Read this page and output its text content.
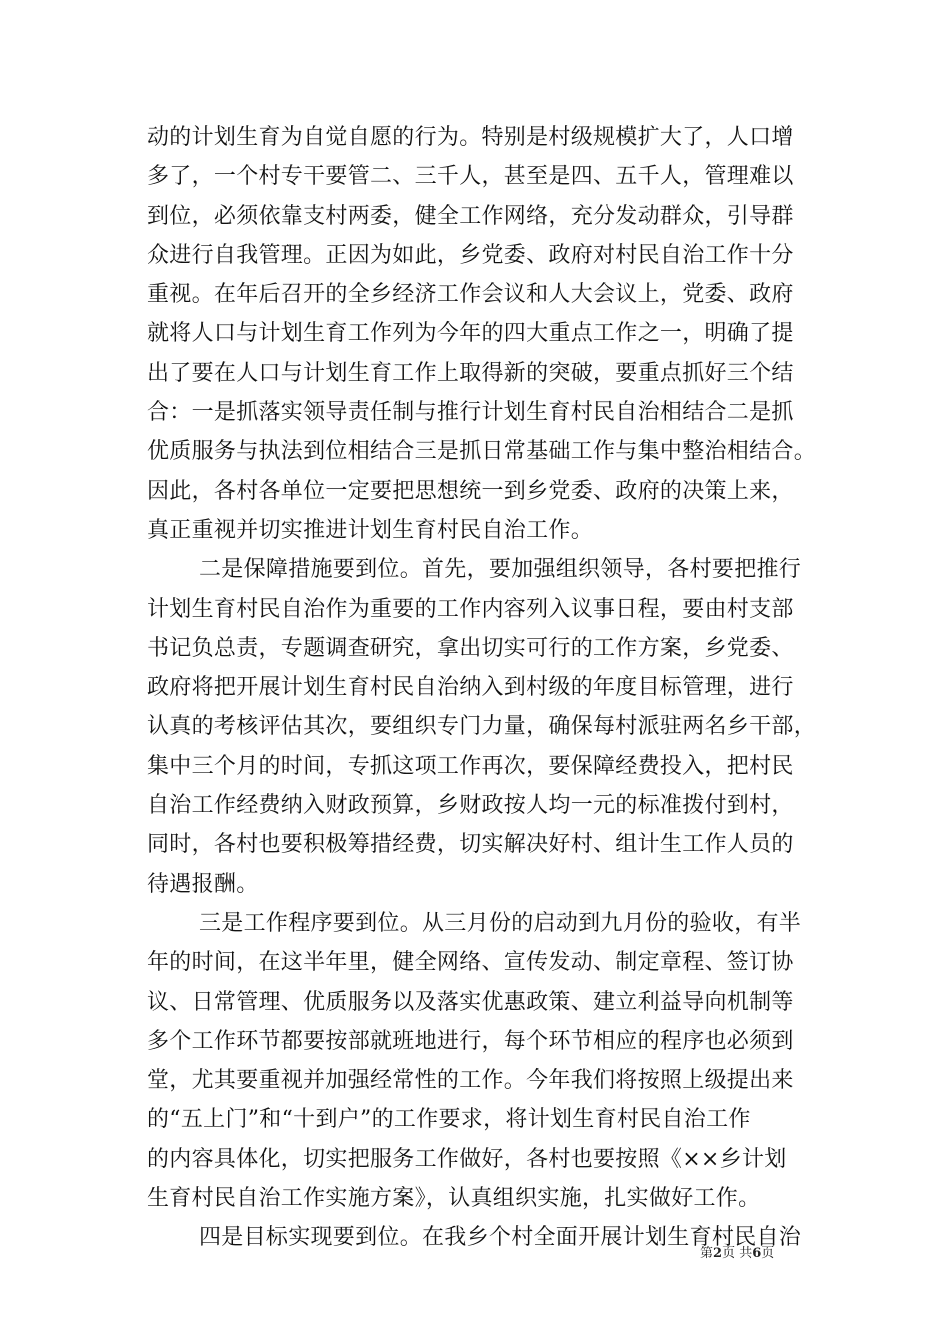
动的计划生育为自觉自愿的行为。特别是村级规模扩大了，人口增
多了，一个村专干要管二、三千人，甚至是四、五千人，管理难以
到位，必须依靠支村两委，健全工作网络，充分发动群众，引导群
众进行自我管理。正因为如此，乡党委、政府对村民自治工作十分
重视。在年后召开的全乡经济工作会议和人大会议上，党委、政府
就将人口与计划生育工作列为今年的四大重点工作之一，明确了提
出了要在人口与计划生育工作上取得新的突破，要重点抓好三个结
合：一是抓落实领导责任制与推行计划生育村民自治相结合二是抓
优质服务与执法到位相结合三是抓日常基础工作与集中整治相结合。
因此，各村各单位一定要把思想统一到乡党委、政府的决策上来，
真正重视并切实推进计划生育村民自治工作。
二是保障措施要到位。首先，要加强组织领导，各村要把推行
计划生育村民自治作为重要的工作内容列入议事日程，要由村支部
书记负总责，专题调查研究，拿出切实可行的工作方案，乡党委、
政府将把开展计划生育村民自治纳入到村级的年度目标管理，进行
认真的考核评估其次，要组织专门力量，确保每村派驻两名乡干部，
集中三个月的时间，专抓这项工作再次，要保障经费投入，把村民
自治工作经费纳入财政预算，乡财政按人均一元的标准拨付到村，
同时，各村也要积极筹措经费，切实解决好村、组计生工作人员的
待遇报酬。
三是工作程序要到位。从三月份的启动到九月份的验收，有半
年的时间，在这半年里，健全网络、宣传发动、制定章程、签订协
议、日常管理、优质服务以及落实优惠政策、建立利益导向机制等
多个工作环节都要按部就班地进行，每个环节相应的程序也必须到
堂，尤其要重视并加强经常性的工作。今年我们将按照上级提出来
的“五上门”和“十到户”的工作要求，将计划生育村民自治工作
的内容具体化，切实把服务工作做好，各村也要按照《××乡计划
生育村民自治工作实施方案》，认真组织实施，扎实做好工作。
四是目标实现要到位。在我乡个村全面开展计划生育村民自治
第2页 共6页
